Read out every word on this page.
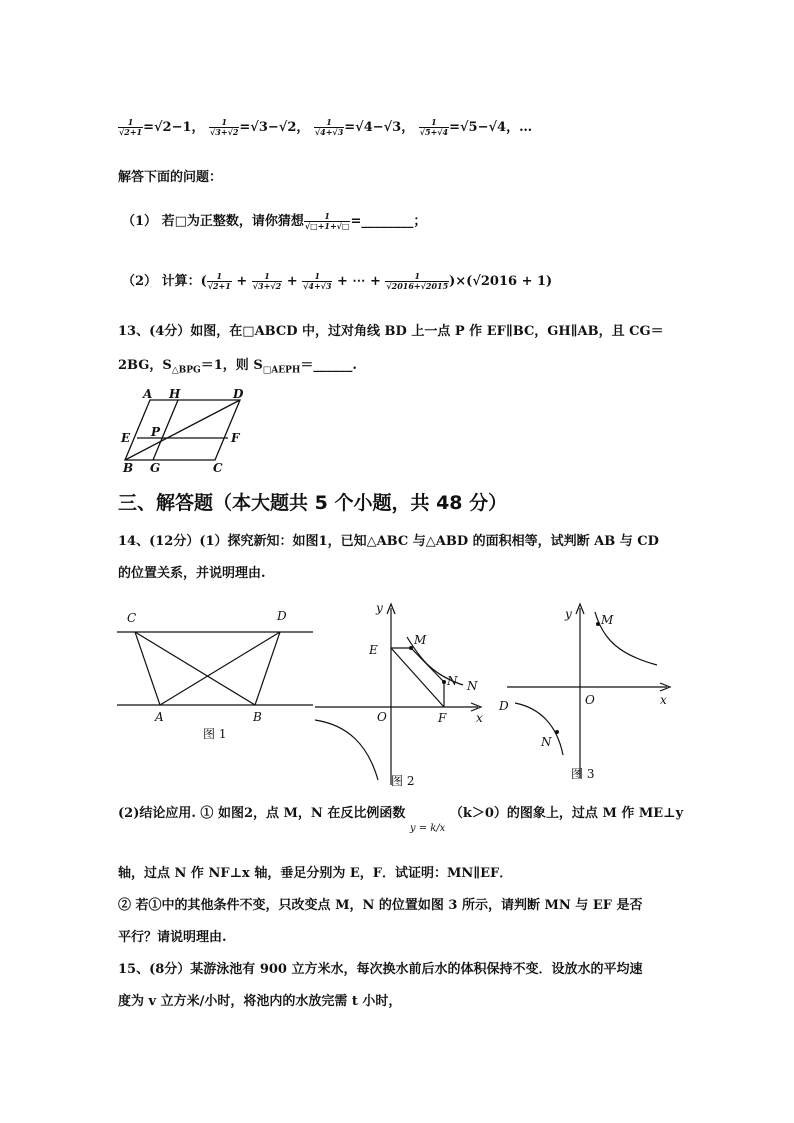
$\frac{1}{√2+1} =√2-1$， $\frac{1}{√3+√2} =√3-√2$， $\frac{1}{√4+√3} =√4-√3$， $\frac{1}{√5+√4} =√5-√4$，…
解答下面的问题：
（1） 若□为正整数，请你猜想 $\frac{1}{√□+1+√□}$ =________；
（2） 计算：( $\frac{1}{√2+1} + \frac{1}{√3+√2} + \frac{1}{√4+√3}$ + ⋯ + $\frac{1}{√2016+√2015} )\times(√2016 + 1)$
13、(4分）如图，在□ABCD 中，过对角线 BD 上一点 P 作 EF∥BC，GH∥AB，且 CG＝
2BG，$S_{\triangle BPG}=1$，则 $S_{□AEPH}=\_\_\_\_\_\_$.
A H	D
E P	F
B G	C
三、解答题（本大题共 5 个小题，共 48 分）
14、(12分）(1）探究新知：如图1，已知△ABC 与△ABD 的面积相等，试判断 AB 与 CD
的位置关系，并说明理由.
C	D
A	B
图 1
y
x
E
M
N N
O	F
图 2
y
x
M
O
D
N
图 3
(2)结论应用. ① 如图2，点 M，N 在反比例函数 $_{y = k/x}$ （k＞0）的图象上，过点 M 作 ME⊥y
轴，过点 N 作 NF⊥x 轴，垂足分别为 E，F．试证明：MN∥EF．
② 若①中的其他条件不变，只改变点 M，N 的位置如图 3 所示，请判断 MN 与 EF 是否
平行？请说明理由.
15、(8分）某游泳池有 900 立方米水，每次换水前后水的体积保持不变．设放水的平均速
度为 v 立方米/小时，将池内的水放完需 t 小时，
